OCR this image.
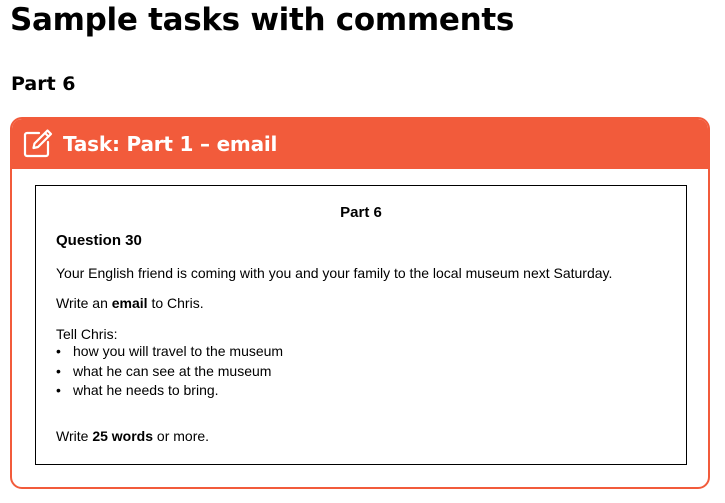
Sample tasks with comments
Part 6
Task: Part 1 – email
Part 6
Question 30

Your English friend is coming with you and your family to the local museum next Saturday.

Write an email to Chris.

Tell Chris:

• how you will travel to the museum
• what he can see at the museum
• what he needs to bring.

Write 25 words or more.
